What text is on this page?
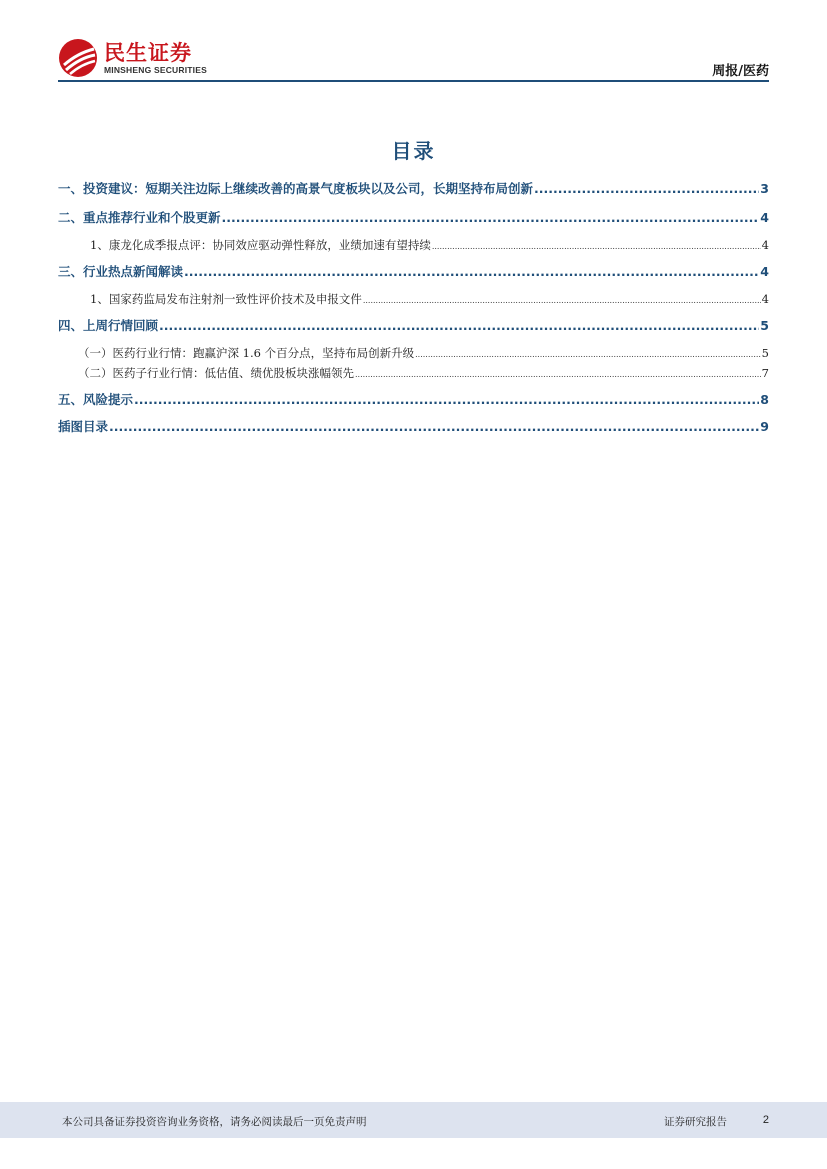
民生证券
MINSHENG SECURITIES	周报/医药
目录
一、投资建议：短期关注边际上继续改善的高景气度板块以及公司，长期坚持布局创新 .....	3
二、重点推荐行业和个股更新 .....	4
1、康龙化成季报点评：协同效应驱动弹性释放，业绩加速有望持续 .....	4
三、行业热点新闻解读 .....	4
1、国家药监局发布注射剂一致性评价技术及申报文件 .....	4
四、上周行情回顾 .....	5
（一）医药行业行情：跑赢沪深 1.6 个百分点，坚持布局创新升级 .....	5
（二）医药子行业行情：低估值、绩优股板块涨幅领先 .....	7
五、风险提示 .....	8
插图目录 .....	9
本公司具备证券投资咨询业务资格，请务必阅读最后一页免责声明	证券研究报告	2
